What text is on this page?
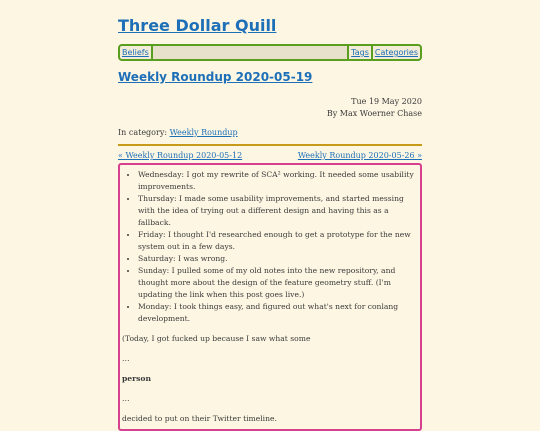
Three Dollar Quill
Beliefs	Tags Categories
Weekly Roundup 2020-05-19
Tue 19 May 2020
By Max Woerner Chase
In category: Weekly Roundup
« Weekly Roundup 2020-05-12	Weekly Roundup 2020-05-26 »
• Wednesday: I got my rewrite of SCA² working. It needed some usability improvements.
• Thursday: I made some usability improvements, and started messing with the idea of trying out a different design and having this as a fallback.
• Friday: I thought I'd researched enough to get a prototype for the new system out in a few days.
• Saturday: I was wrong.
• Sunday: I pulled some of my old notes into the new repository, and thought more about the design of the feature geometry stuff. (I'm updating the link when this post goes live.)
• Monday: I took things easy, and figured out what's next for conlang development.

(Today, I got fucked up because I saw what some

…

person

…

decided to put on their Twitter timeline.
